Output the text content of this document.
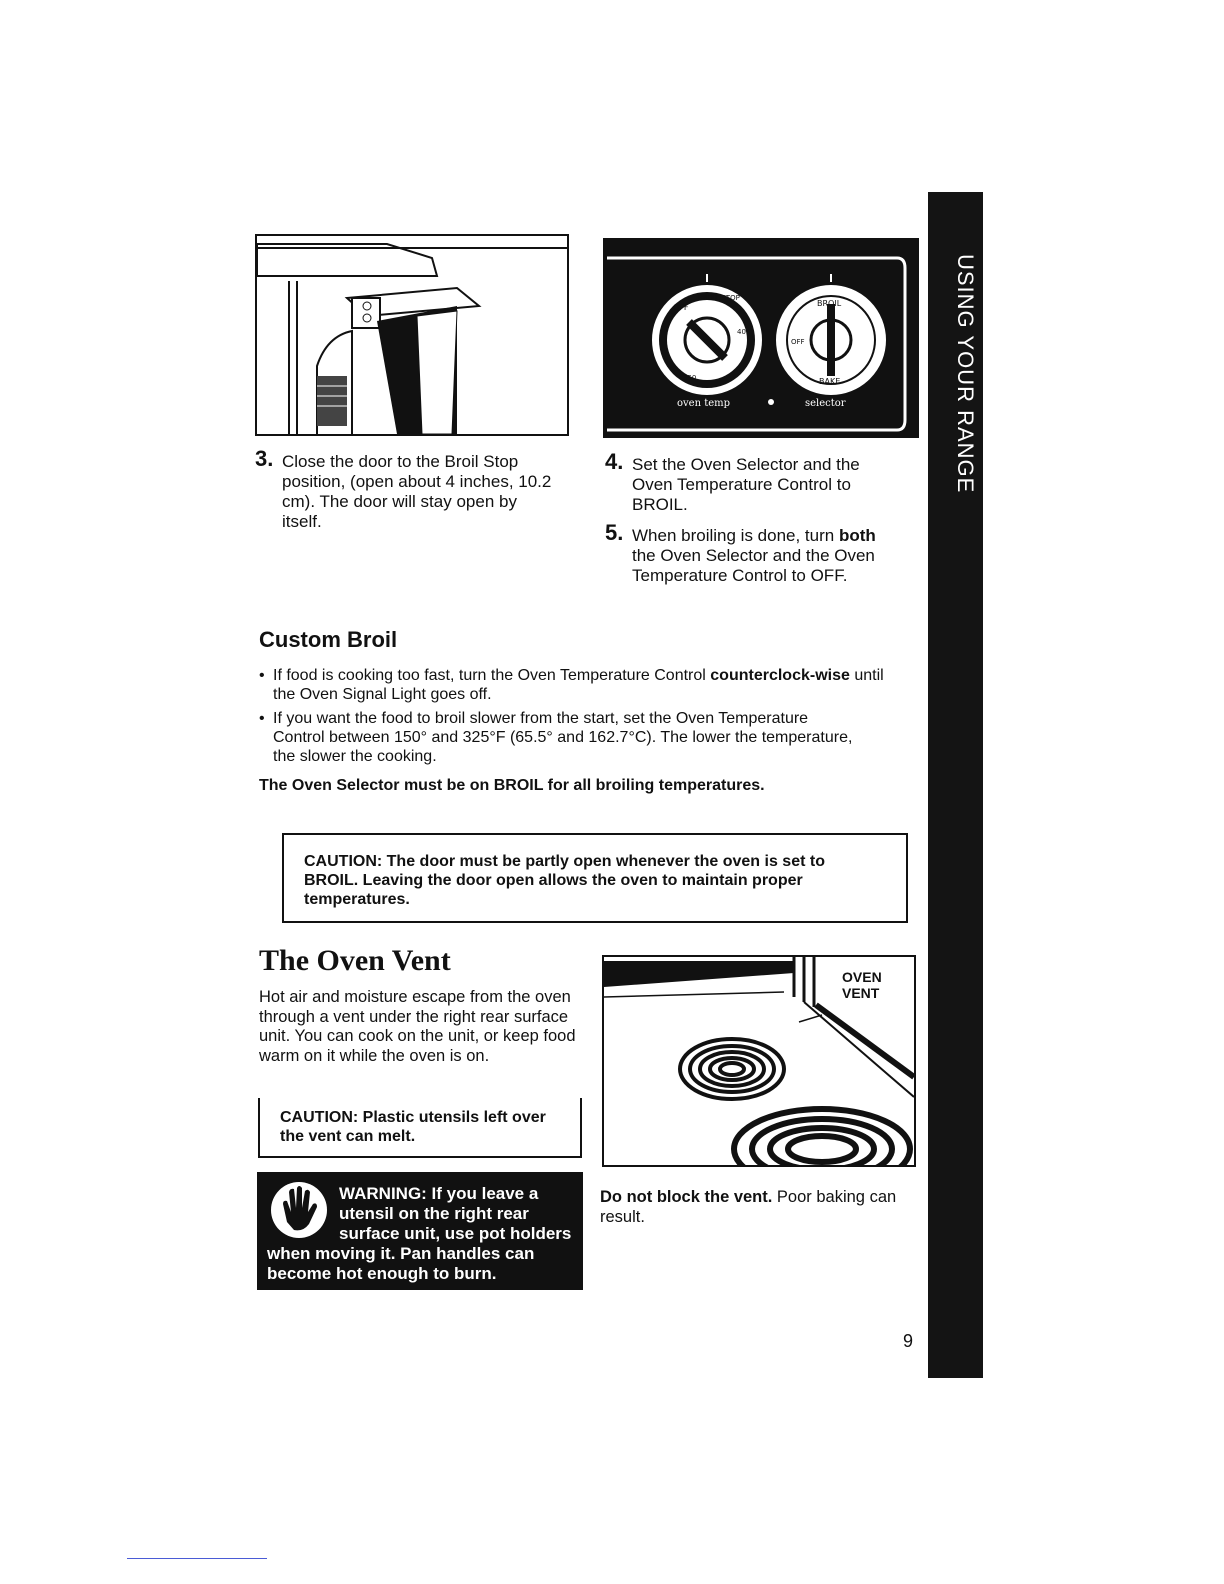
USING YOUR RANGE
OFF
BROIL STOP
400
350
BROIL
OFF
BAKE
oven temp	selector
3. Close the door to the Broil Stop position, (open about 4 inches, 10.2 cm). The door will stay open by itself.
4. Set the Oven Selector and the Oven Temperature Control to BROIL.
5. When broiling is done, turn both the Oven Selector and the Oven Temperature Control to OFF.
Custom Broil
• If food is cooking too fast, turn the Oven Temperature Control counterclock-wise until the Oven Signal Light goes off.
• If you want the food to broil slower from the start, set the Oven Temperature Control between 150° and 325°F (65.5° and 162.7°C). The lower the temperature, the slower the cooking.
The Oven Selector must be on BROIL for all broiling temperatures.
CAUTION: The door must be partly open whenever the oven is set to BROIL. Leaving the door open allows the oven to maintain proper temperatures.
The Oven Vent
Hot air and moisture escape from the oven through a vent under the right rear surface unit. You can cook on the unit, or keep food warm on it while the oven is on.
CAUTION: Plastic utensils left over the vent can melt.
OVEN
VENT
Do not block the vent. Poor baking can result.
WARNING: If you leave a utensil on the right rear surface unit, use pot holders when moving it. Pan handles can become hot enough to burn.
9
